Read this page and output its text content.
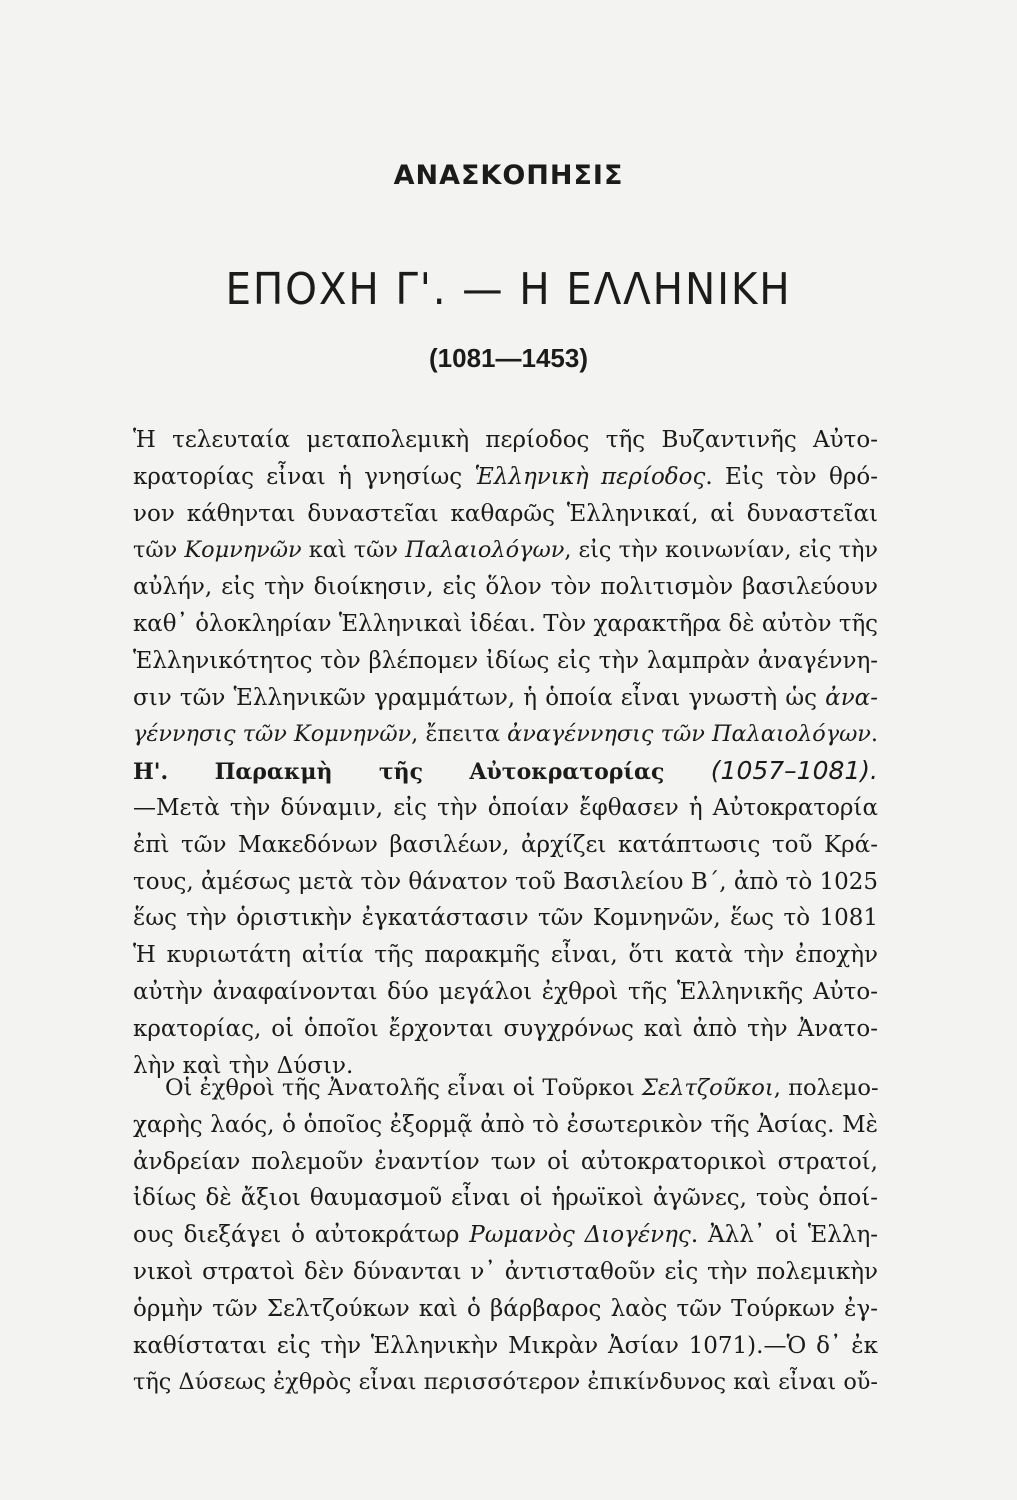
ΑΝΑΣΚΟΠΗΣΙΣ
ΕΠΟΧΗ Γ'. — Η ΕΛΛΗΝΙΚΗ
(1081—1453)
Ἡ τελευταία μεταπολεμικὴ περίοδος τῆς Βυζαντινῆς Αὐτο-
κρατορίας εἶναι ἡ γνησίως Ἑλληνικὴ περίοδος. Εἰς τὸν θρό-
νον κάθηνται δυναστεῖαι καθαρῶς Ἑλληνικαί, αἱ δυναστεῖαι
τῶν Κομνηνῶν καὶ τῶν Παλαιολόγων, εἰς τὴν κοινωνίαν, εἰς τὴν
αὐλήν, εἰς τὴν διοίκησιν, εἰς ὅλον τὸν πολιτισμὸν βασιλεύουν
καθ᾽ ὁλοκληρίαν Ἑλληνικαὶ ἰδέαι. Τὸν χαρακτῆρα δὲ αὐτὸν τῆς
Ἑλληνικότητος τὸν βλέπομεν ἰδίως εἰς τὴν λαμπρὰν ἀναγέννη-
σιν τῶν Ἑλληνικῶν γραμμάτων, ἡ ὁποία εἶναι γνωστὴ ὡς ἀνα-
γέννησις τῶν Κομνηνῶν, ἔπειτα ἀναγέννησις τῶν Παλαιολόγων.
Η'. Παρακμὴ τῆς Αὐτοκρατορίας (1057–1081).
—Μετὰ τὴν δύναμιν, εἰς τὴν ὁποίαν ἔφθασεν ἡ Αὐτοκρατορία
ἐπὶ τῶν Μακεδόνων βασιλέων, ἀρχίζει κατάπτωσις τοῦ Κρά-
τους, ἀμέσως μετὰ τὸν θάνατον τοῦ Βασιλείου Β΄, ἀπὸ τὸ 1025
ἕως τὴν ὁριστικὴν ἐγκατάστασιν τῶν Κομνηνῶν, ἕως τὸ 1081
Ἡ κυριωτάτη αἰτία τῆς παρακμῆς εἶναι, ὅτι κατὰ τὴν ἐποχὴν
αὐτὴν ἀναφαίνονται δύο μεγάλοι ἐχθροὶ τῆς Ἑλληνικῆς Αὐτο-
κρατορίας, οἱ ὁποῖοι ἔρχονται συγχρόνως καὶ ἀπὸ τὴν Ἀνατο-
λὴν καὶ τὴν Δύσιν.
Οἱ ἐχθροὶ τῆς Ἀνατολῆς εἶναι οἱ Τοῦρκοι Σελτζοῦκοι, πολεμο-
χαρὴς λαός, ὁ ὁποῖος ἐξορμᾷ ἀπὸ τὸ ἐσωτερικὸν τῆς Ἀσίας. Μὲ
ἀνδρείαν πολεμοῦν ἐναντίον των οἱ αὐτοκρατορικοὶ στρατοί,
ἰδίως δὲ ἄξιοι θαυμασμοῦ εἶναι οἱ ἡρωϊκοὶ ἀγῶνες, τοὺς ὁποί-
ους διεξάγει ὁ αὐτοκράτωρ Ρωμανὸς Διογένης. Ἀλλ᾽ οἱ Ἑλλη-
νικοὶ στρατοὶ δὲν δύνανται ν᾽ ἀντισταθοῦν εἰς τὴν πολεμικὴν
ὁρμὴν τῶν Σελτζούκων καὶ ὁ βάρβαρος λαὸς τῶν Τούρκων ἐγ-
καθίσταται εἰς τὴν Ἑλληνικὴν Μικρὰν Ἀσίαν 1071).—Ὁ δ᾽ ἐκ
τῆς Δύσεως ἐχθρὸς εἶναι περισσότερον ἐπικίνδυνος καὶ εἶναι οὔ-
